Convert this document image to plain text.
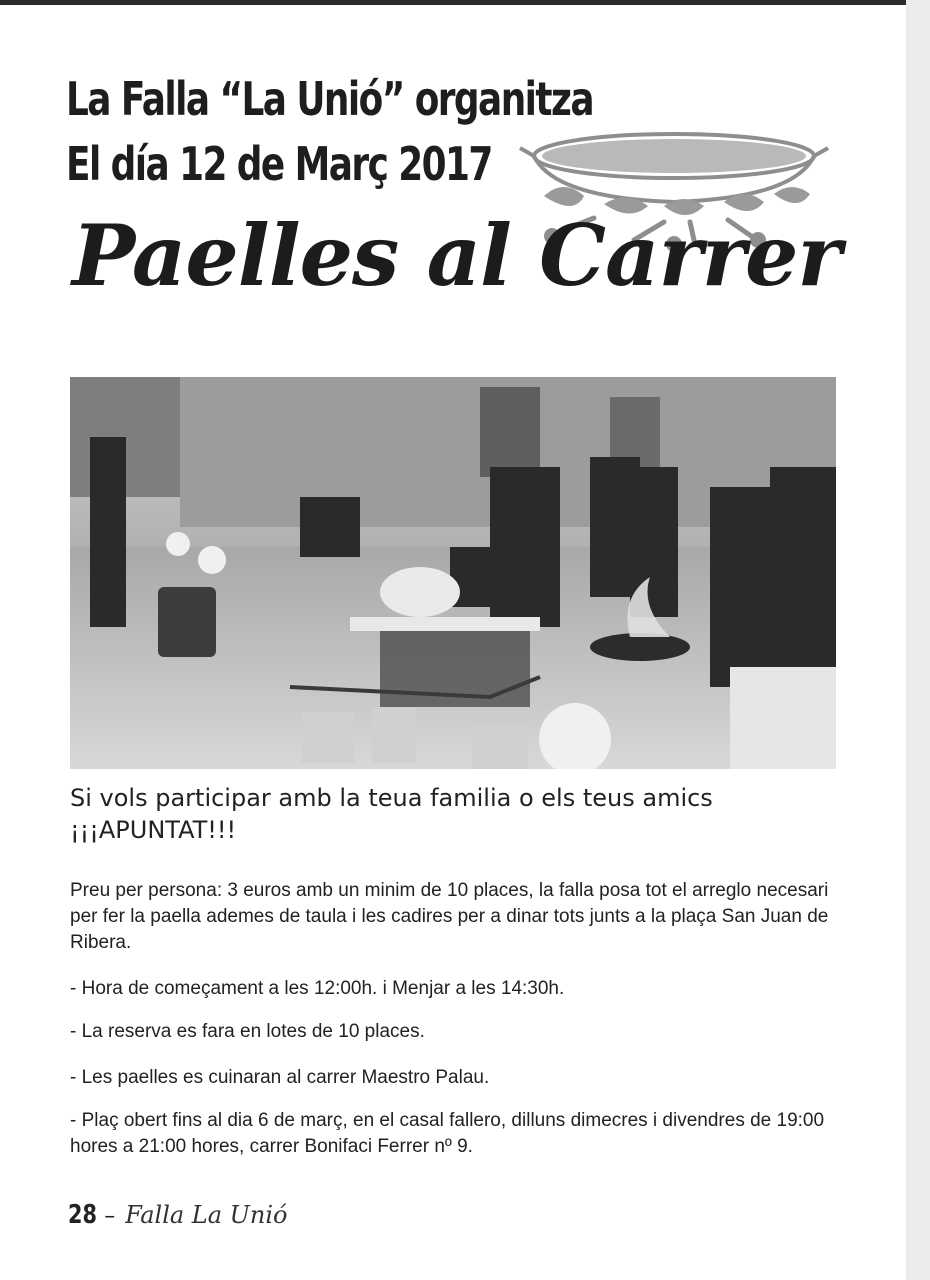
La Falla “La Unió” organitza
El día 12 de Març 2017
Paelles al Carrer

Si vols participar amb la teua familia o els teus amics ¡¡¡APUNTAT!!!

Preu per persona: 3 euros amb un minim de 10 places, la falla posa tot el arreglo necesari per fer la paella ademes de taula i les cadires per a dinar tots junts a la plaça San Juan de Ribera.

- Hora de começament a les 12:00h. i Menjar a les 14:30h.

- La reserva es fara en lotes de 10 places.

- Les paelles es cuinaran al carrer Maestro Palau.

- Plaç obert fins al dia 6 de març, en el casal fallero, dilluns dimecres i divendres de 19:00 hores a 21:00 hores, carrer Bonifaci Ferrer nº 9.

28 – Falla La Unió
